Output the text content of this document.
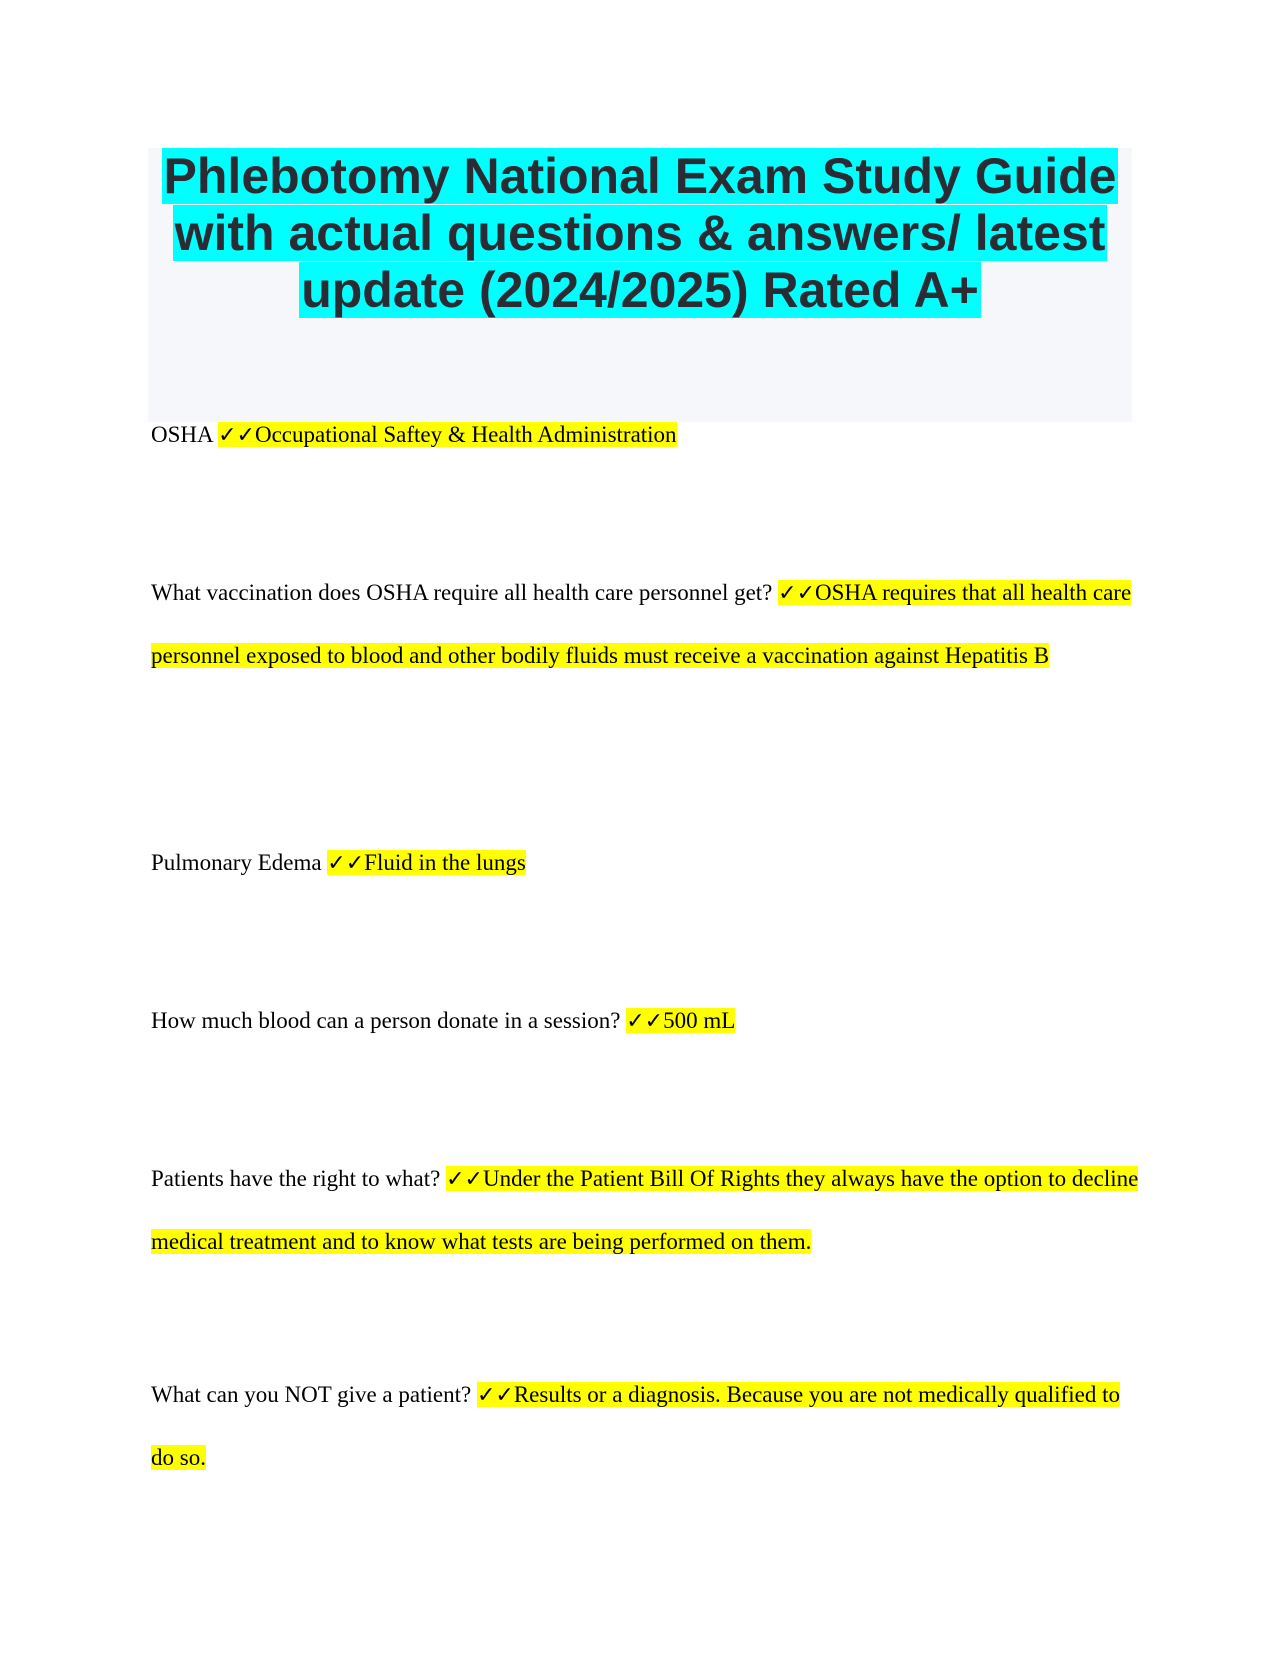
Phlebotomy National Exam Study Guide with actual questions & answers/ latest update (2024/2025) Rated A+

OSHA ✓✓Occupational Saftey & Health Administration

What vaccination does OSHA require all health care personnel get? ✓✓OSHA requires that all health care personnel exposed to blood and other bodily fluids must receive a vaccination against Hepatitis B

Pulmonary Edema ✓✓Fluid in the lungs

How much blood can a person donate in a session? ✓✓500 mL

Patients have the right to what? ✓✓Under the Patient Bill Of Rights they always have the option to decline medical treatment and to know what tests are being performed on them.

What can you NOT give a patient? ✓✓Results or a diagnosis. Because you are not medically qualified to do so.
